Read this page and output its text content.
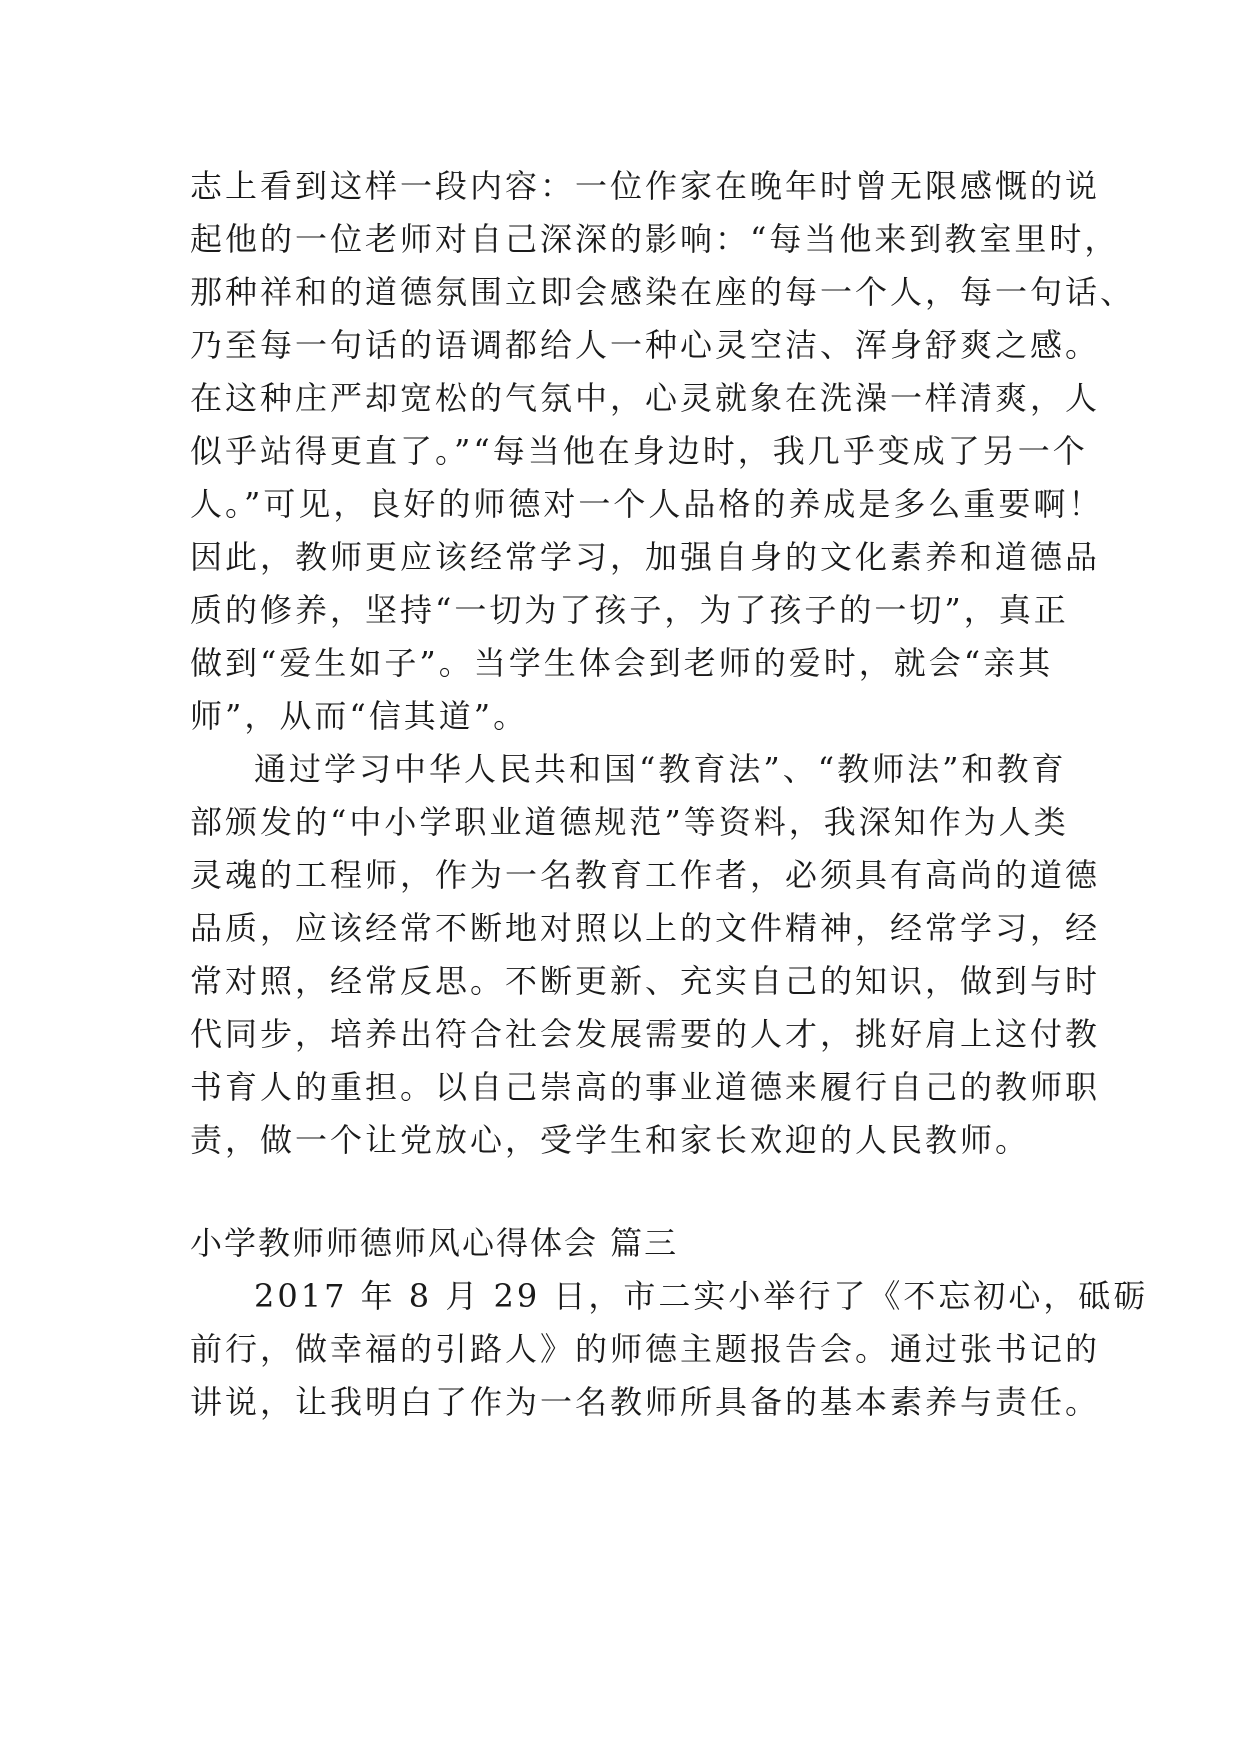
志上看到这样一段内容：一位作家在晚年时曾无限感慨的说
起他的一位老师对自己深深的影响：“每当他来到教室里时，
那种祥和的道德氛围立即会感染在座的每一个人，每一句话、
乃至每一句话的语调都给人一种心灵空洁、浑身舒爽之感。
在这种庄严却宽松的气氛中，心灵就象在洗澡一样清爽，人
似乎站得更直了。”“每当他在身边时，我几乎变成了另一个
人。”可见，良好的师德对一个人品格的养成是多么重要啊！
因此，教师更应该经常学习，加强自身的文化素养和道德品
质的修养，坚持“一切为了孩子，为了孩子的一切”，真正
做到“爱生如子”。当学生体会到老师的爱时，就会“亲其
师”，从而“信其道”。
通过学习中华人民共和国“教育法”、“教师法”和教育
部颁发的“中小学职业道德规范”等资料，我深知作为人类
灵魂的工程师，作为一名教育工作者，必须具有高尚的道德
品质，应该经常不断地对照以上的文件精神，经常学习，经
常对照，经常反思。不断更新、充实自己的知识，做到与时
代同步，培养出符合社会发展需要的人才，挑好肩上这付教
书育人的重担。以自己崇高的事业道德来履行自己的教师职
责，做一个让党放心，受学生和家长欢迎的人民教师。
小学教师师德师风心得体会 篇三
2017 年 8 月 29 日，市二实小举行了《不忘初心，砥砺
前行，做幸福的引路人》的师德主题报告会。通过张书记的
讲说，让我明白了作为一名教师所具备的基本素养与责任。
